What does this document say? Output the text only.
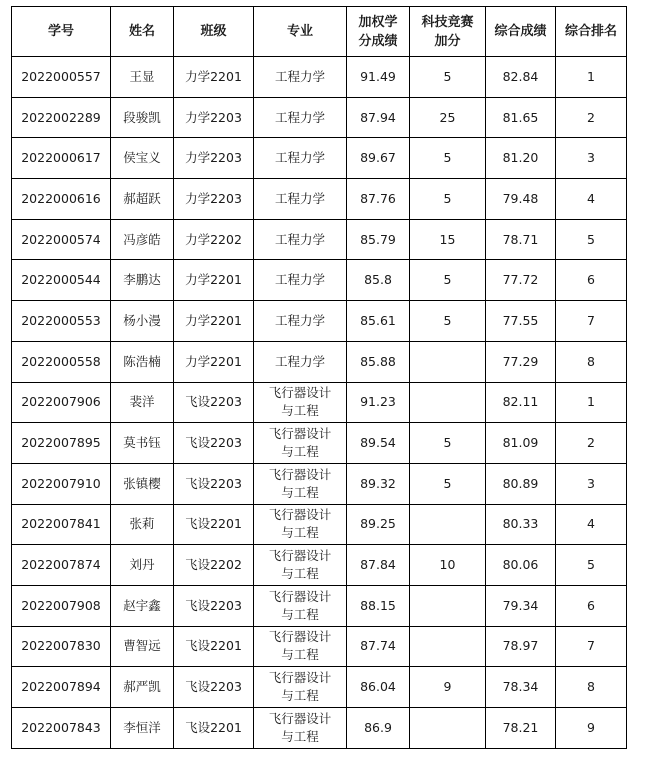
学号	姓名	班级	专业	加权学
分成绩	科技竞赛
加分	综合成绩	综合排名
2022000557	王显	力学2201	工程力学	91.49	5	82.84	1
2022002289	段骏凯	力学2203	工程力学	87.94	25	81.65	2
2022000617	侯宝义	力学2203	工程力学	89.67	5	81.20	3
2022000616	郝超跃	力学2203	工程力学	87.76	5	79.48	4
2022000574	冯彦皓	力学2202	工程力学	85.79	15	78.71	5
2022000544	李鹏达	力学2201	工程力学	85.8	5	77.72	6
2022000553	杨小漫	力学2201	工程力学	85.61	5	77.55	7
2022000558	陈浩楠	力学2201	工程力学	85.88		77.29	8
2022007906	裴洋	飞设2203	飞行器设计
与工程	91.23		82.11	1
2022007895	莫书钰	飞设2203	飞行器设计
与工程	89.54	5	81.09	2
2022007910	张镇樱	飞设2203	飞行器设计
与工程	89.32	5	80.89	3
2022007841	张莉	飞设2201	飞行器设计
与工程	89.25		80.33	4
2022007874	刘丹	飞设2202	飞行器设计
与工程	87.84	10	80.06	5
2022007908	赵宇鑫	飞设2203	飞行器设计
与工程	88.15		79.34	6
2022007830	曹智远	飞设2201	飞行器设计
与工程	87.74		78.97	7
2022007894	郝严凯	飞设2203	飞行器设计
与工程	86.04	9	78.34	8
2022007843	李恒洋	飞设2201	飞行器设计
与工程	86.9		78.21	9
